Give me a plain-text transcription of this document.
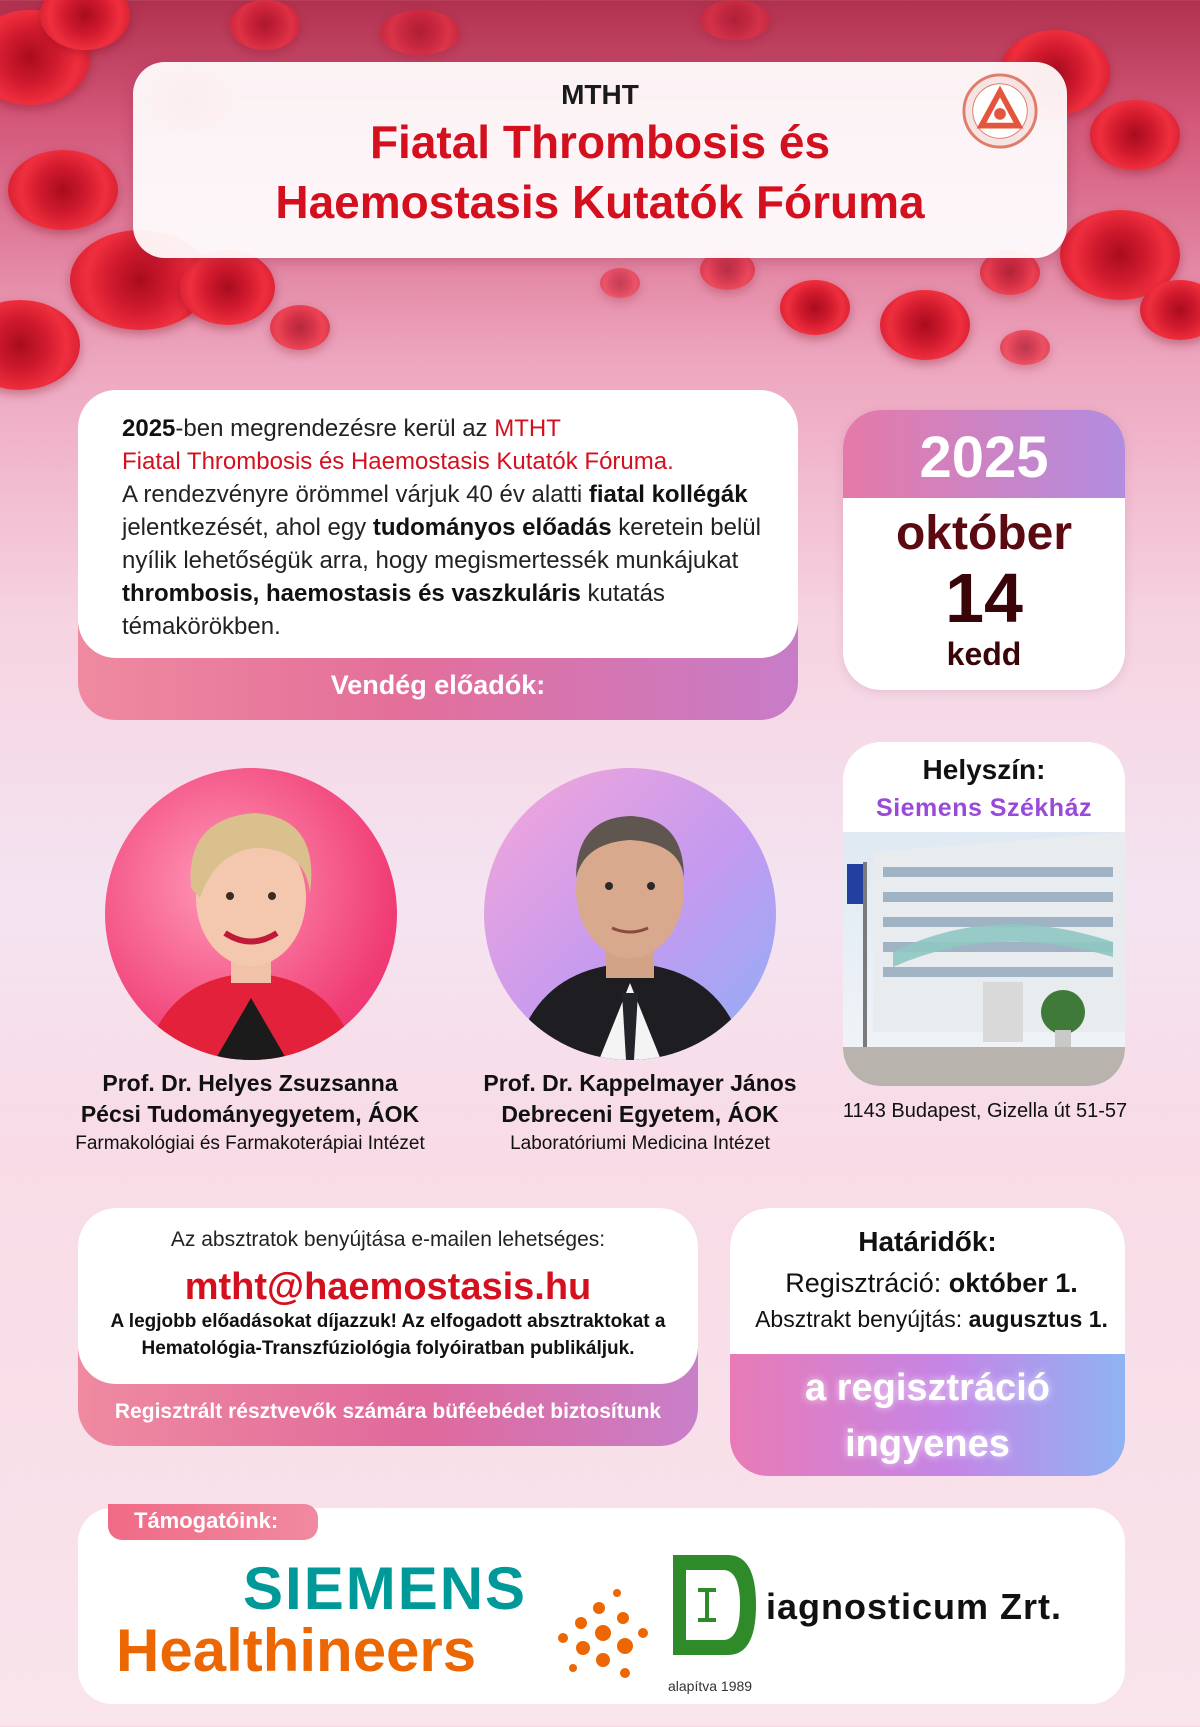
MTHT
Fiatal Thrombosis és
Haemostasis Kutatók Fóruma
2025-ben megrendezésre kerül az MTHT
Fiatal Thrombosis és Haemostasis Kutatók Fóruma.
A rendezvényre örömmel várjuk 40 év alatti fiatal kollégák jelentkezését, ahol egy tudományos előadás keretein belül nyílik lehetőségük arra, hogy megismertessék munkájukat thrombosis, haemostasis és vaszkuláris kutatás témakörökben.
Vendég előadók:
2025
október
14
kedd
Helyszín:
Siemens Székház
1143 Budapest, Gizella út 51-57
Prof. Dr. Helyes Zsuzsanna
Pécsi Tudományegyetem, ÁOK
Farmakológiai és Farmakoterápiai Intézet
Prof. Dr. Kappelmayer János
Debreceni Egyetem, ÁOK
Laboratóriumi Medicina Intézet
Az absztratok benyújtása e-mailen lehetséges:
mtht@haemostasis.hu
A legjobb előadásokat díjazzuk! Az elfogadott absztraktokat a Hematológia-Transzfúziológia folyóiratban publikáljuk.
Regisztrált résztvevők számára büféebédet biztosítunk
Határidők:
Regisztráció: október 1.
Absztrakt benyújtás: augusztus 1.
a regisztráció
ingyenes
Támogatóink:
SIEMENS
Healthineers
iagnosticum Zrt.
alapítva 1989
